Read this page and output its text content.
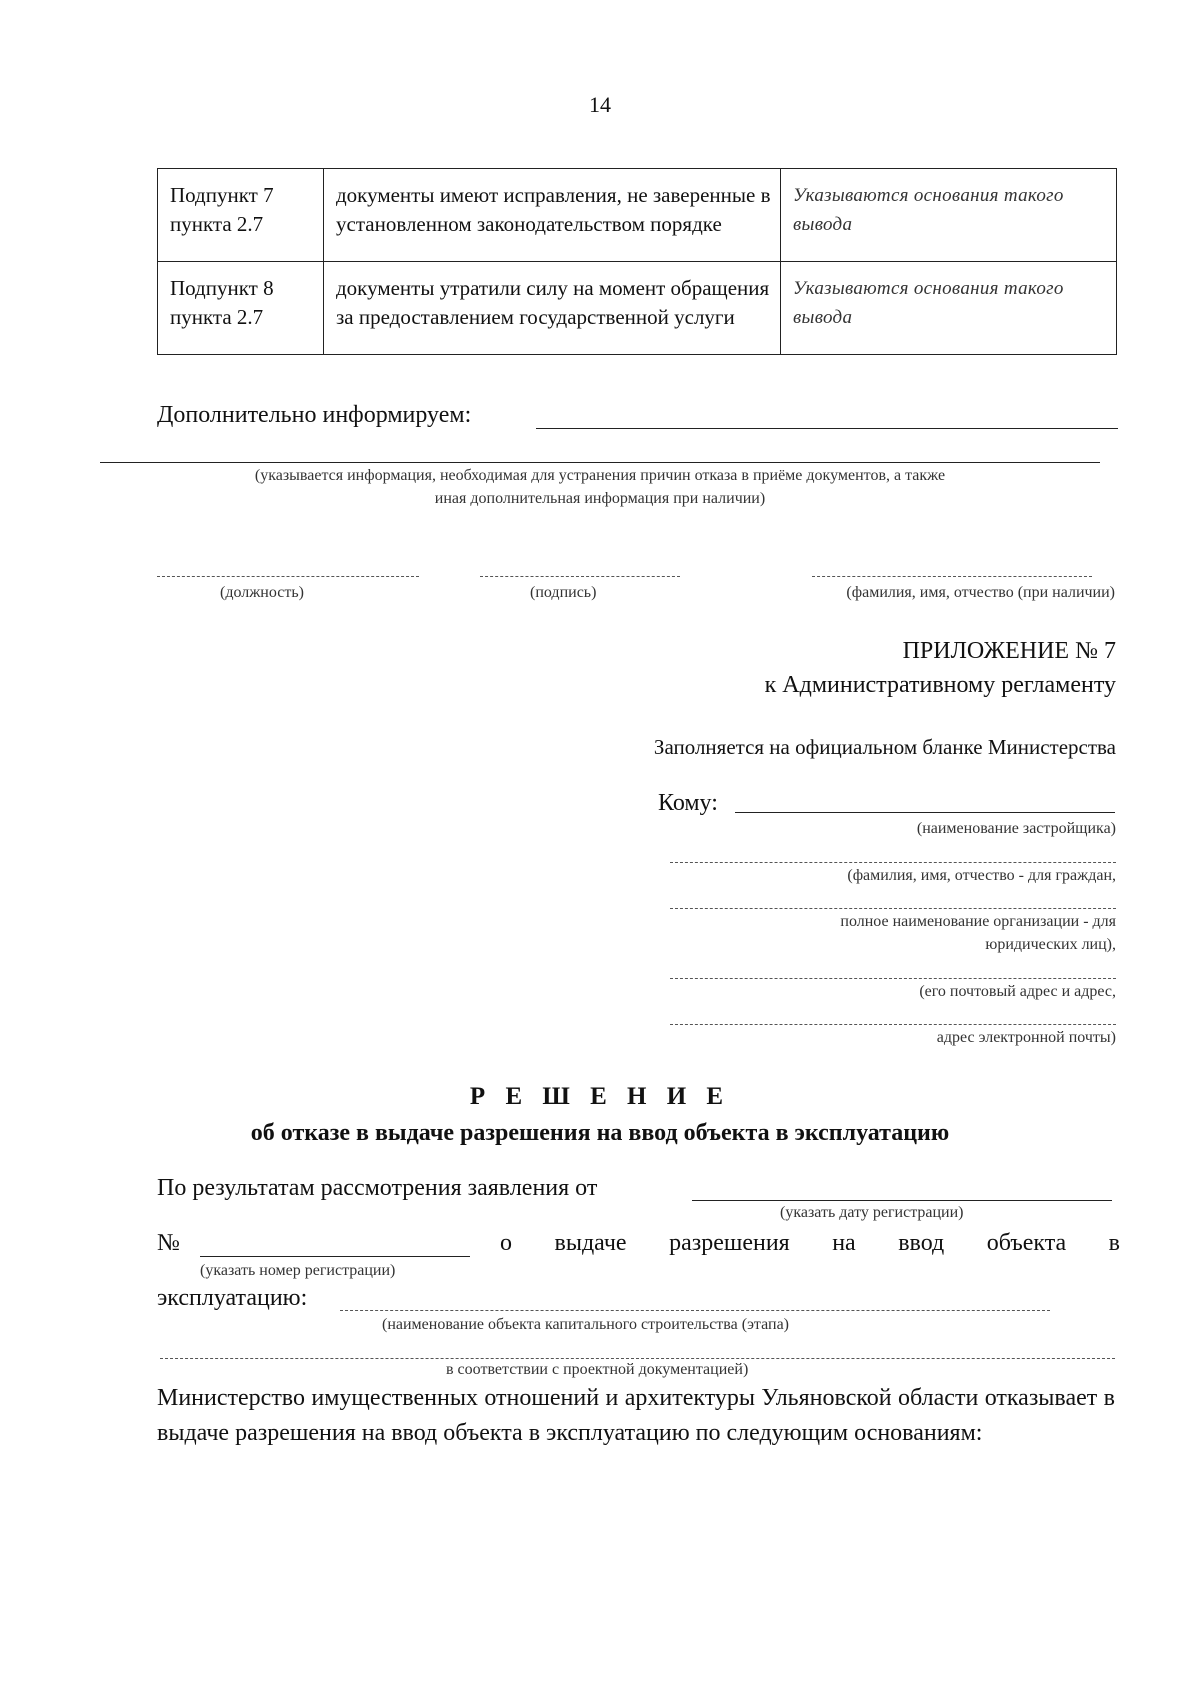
14
Подпункт 7 пункта 2.7	документы имеют исправления, не заверенные в установленном законодательством порядке	Указываются основания такого вывода
Подпункт 8 пункта 2.7	документы утратили силу на момент обращения за предоставлением государственной услуги	Указываются основания такого вывода
Дополнительно информируем:
(указывается информация, необходимая для устранения причин отказа в приёме документов, а также
иная дополнительная информация при наличии)
(должность)	(подпись)	(фамилия, имя, отчество (при наличии)
ПРИЛОЖЕНИЕ № 7
к Административному регламенту
Заполняется на официальном бланке Министерства
Кому:
(наименование застройщика)
(фамилия, имя, отчество - для граждан,
полное наименование организации - для
юридических лиц),
(его почтовый адрес и адрес,
адрес электронной почты)
Р Е Ш Е Н И Е
об отказе в выдаче разрешения на ввод объекта в эксплуатацию
По результатам рассмотрения заявления от
(указать дату регистрации)
№	о выдаче разрешения на ввод объекта в
(указать номер регистрации)
эксплуатацию:
(наименование объекта капитального строительства (этапа)
в соответствии с проектной документацией)
Министерство имущественных отношений и архитектуры Ульяновской области отказывает в выдаче разрешения на ввод объекта в эксплуатацию по следующим основаниям:
